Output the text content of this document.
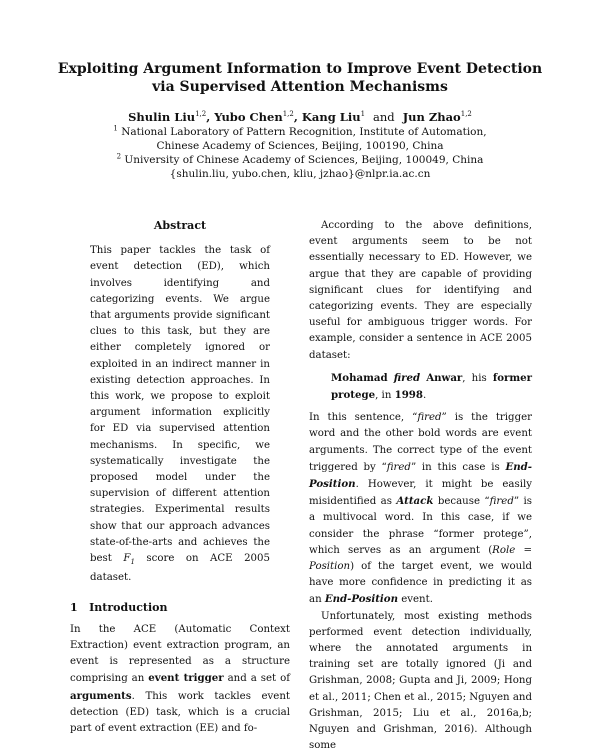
Exploiting Argument Information to Improve Event Detection
via Supervised Attention Mechanisms
Shulin Liu$^{1,2}$, Yubo Chen$^{1,2}$, Kang Liu$^1$ and Jun Zhao$^{1,2}$
$^1$ National Laboratory of Pattern Recognition, Institute of Automation,
Chinese Academy of Sciences, Beijing, 100190, China
$^2$ University of Chinese Academy of Sciences, Beijing, 100049, China
{shulin.liu, yubo.chen, kliu, jzhao}@nlpr.ia.ac.cn
Abstract

This paper tackles the task of event detection (ED), which involves identifying and categorizing events. We argue that arguments provide significant clues to this task, but they are either completely ignored or exploited in an indirect manner in existing detection approaches. In this work, we propose to exploit argument information explicitly for ED via supervised attention mechanisms. In specific, we systematically investigate the proposed model under the supervision of different attention strategies. Experimental results show that our approach advances state-of-the-arts and achieves the best $F_1$ score on ACE 2005 dataset.

1 Introduction

In the ACE (Automatic Context Extraction) event extraction program, an event is represented as a structure comprising an event trigger and a set of arguments. This work tackles event detection (ED) task, which is a crucial part of event extraction (EE) and fo-

According to the above definitions, event arguments seem to be not essentially necessary to ED. However, we argue that they are capable of providing significant clues for identifying and categorizing events. They are especially useful for ambiguous trigger words. For example, consider a sentence in ACE 2005 dataset:

Mohamad fired Anwar, his former protege, in 1998.

In this sentence, “fired” is the trigger word and the other bold words are event arguments. The correct type of the event triggered by “fired” in this case is End-Position. However, it might be easily misidentified as Attack because “fired” is a multivocal word. In this case, if we consider the phrase “former protege”, which serves as an argument (Role = Position) of the target event, we would have more confidence in predicting it as an End-Position event.

Unfortunately, most existing methods performed event detection individually, where the annotated arguments in training set are totally ignored (Ji and Grishman, 2008; Gupta and Ji, 2009; Hong et al., 2011; Chen et al., 2015; Nguyen and Grishman, 2015; Liu et al., 2016a,b; Nguyen and Grishman, 2016). Although some
